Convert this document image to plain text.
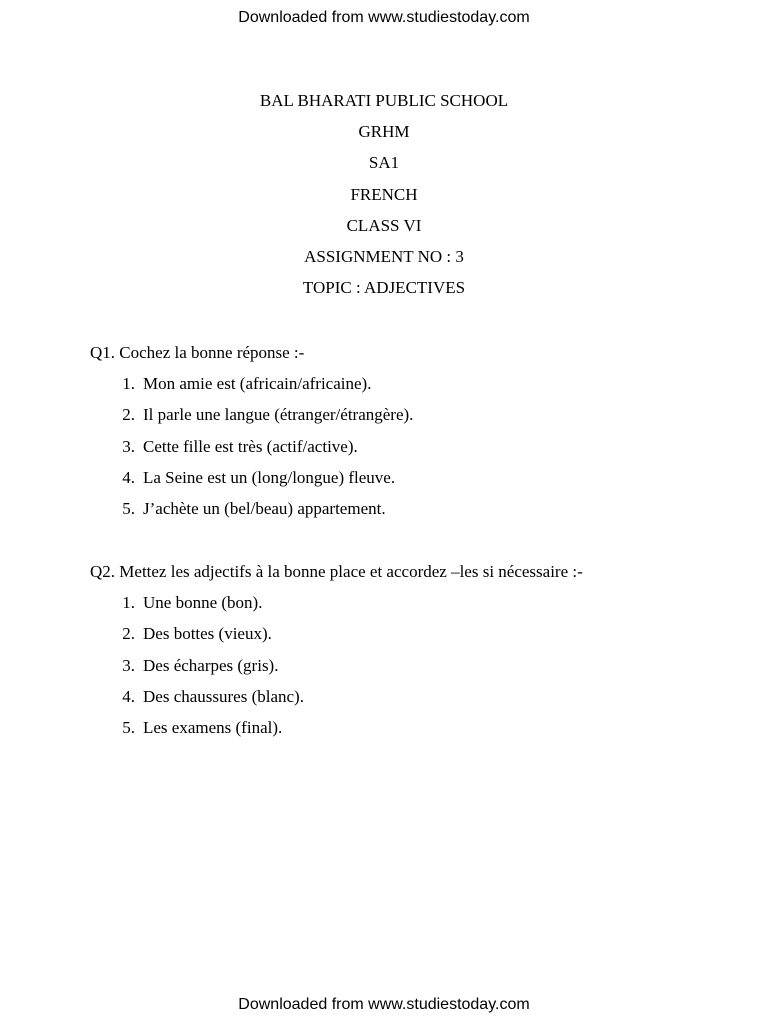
Downloaded from www.studiestoday.com
BAL BHARATI PUBLIC SCHOOL
GRHM
SA1
FRENCH
CLASS VI
ASSIGNMENT NO : 3
TOPIC : ADJECTIVES
Q1. Cochez la bonne réponse :-
1. Mon amie est (africain/africaine).
2. Il parle une langue (étranger/étrangère).
3. Cette fille est très (actif/active).
4. La Seine est un (long/longue) fleuve.
5. J’achète un (bel/beau) appartement.
Q2. Mettez les adjectifs à la bonne place et accordez –les si nécessaire :-
1. Une bonne (bon).
2. Des bottes (vieux).
3. Des écharpes (gris).
4. Des chaussures (blanc).
5. Les examens (final).
Downloaded from www.studiestoday.com
